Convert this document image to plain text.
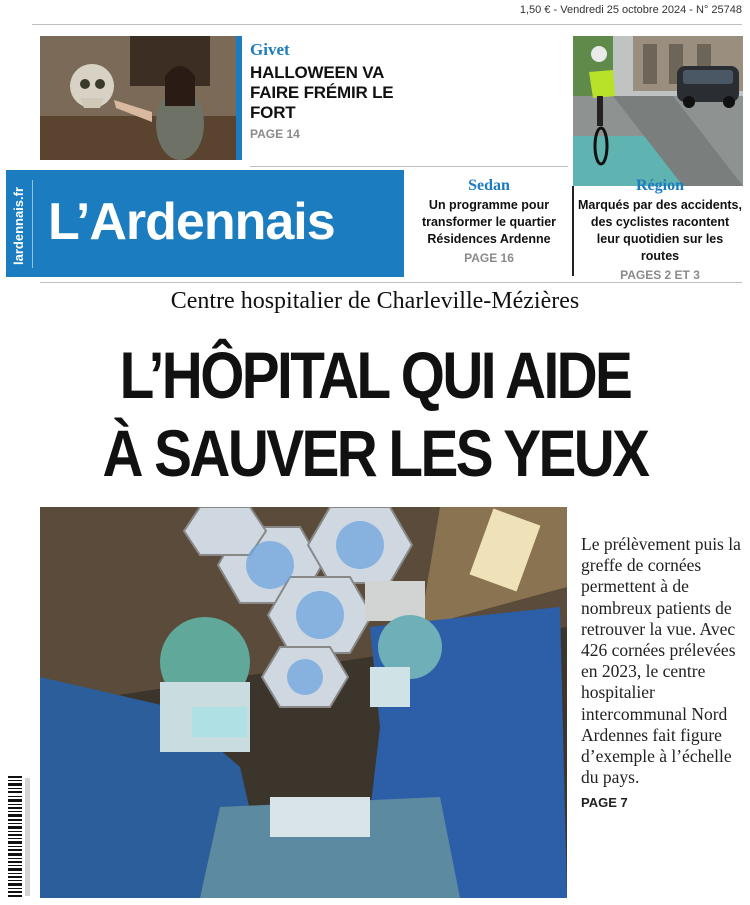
1,50 € - Vendredi 25 octobre 2024 - N° 25748
Givet
HALLOWEEN VA FAIRE FRÉMIR LE FORT
PAGE 14
lardennais.fr L’Ardennais
Sedan
Un programme pour transformer le quartier Résidences Ardenne
PAGE 16
Région
Marqués par des accidents, des cyclistes racontent leur quotidien sur les routes
PAGES 2 ET 3
Centre hospitalier de Charleville-Mézières
L’HÔPITAL QUI AIDE
À SAUVER LES YEUX
Le prélèvement puis la greffe de cornées permettent à de nombreux patients de retrouver la vue. Avec 426 cornées prélevées en 2023, le centre hospitalier intercommunal Nord Ardennes fait figure d’exemple à l’échelle du pays.
PAGE 7
